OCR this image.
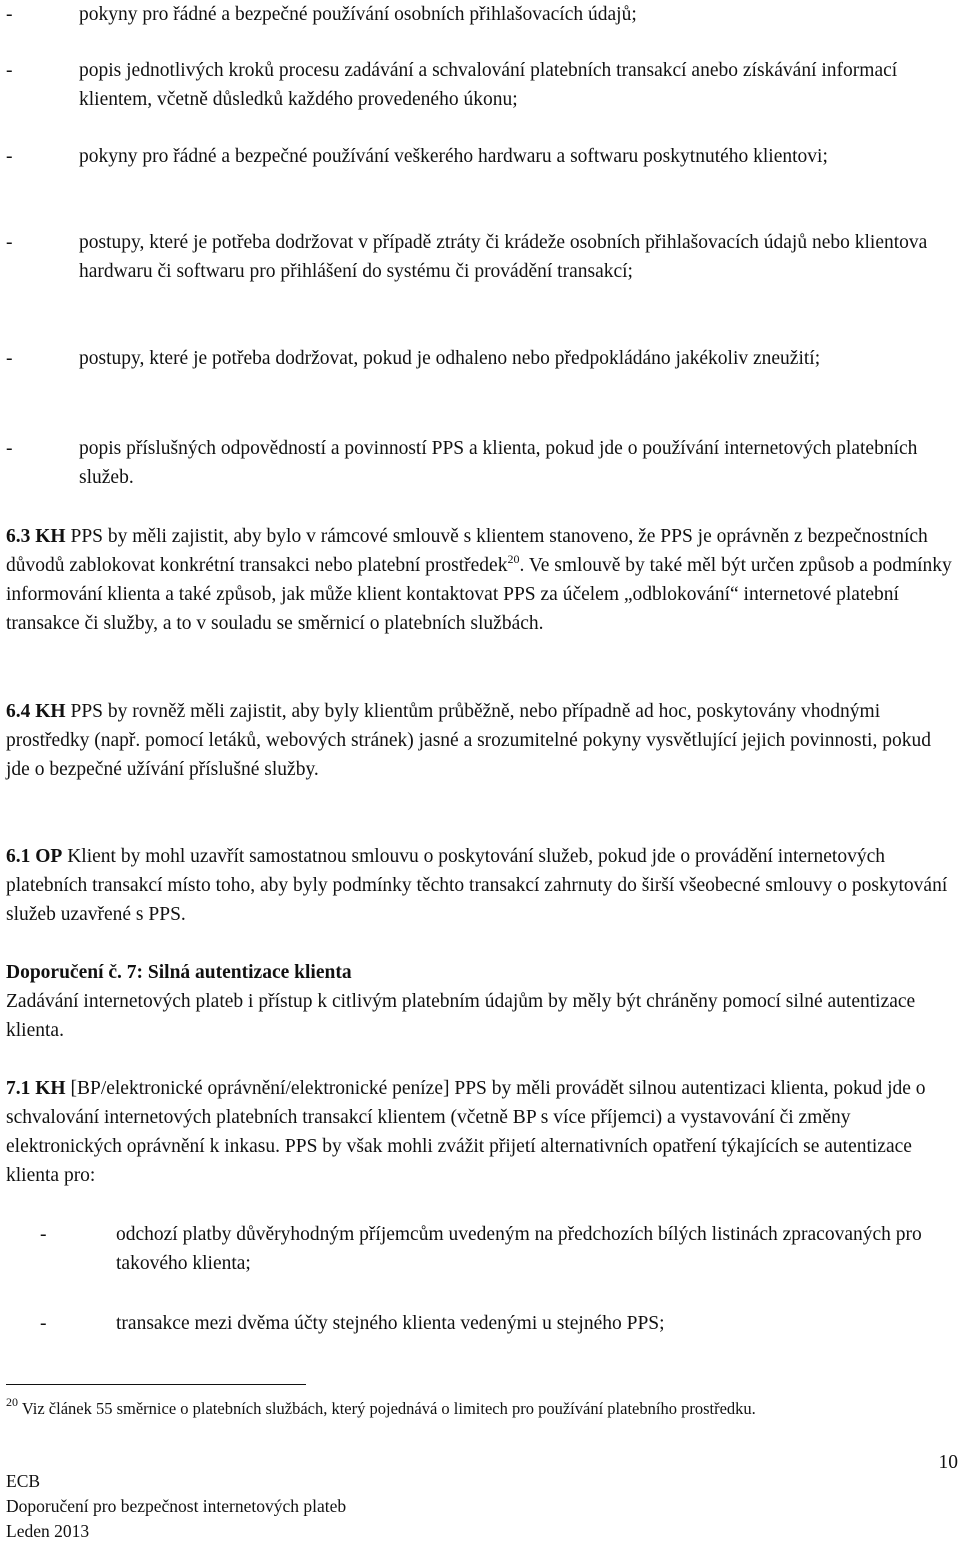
-	pokyny pro řádné a bezpečné používání osobních přihlašovacích údajů;
-	popis jednotlivých kroků procesu zadávání a schvalování platebních transakcí anebo získávání informací klientem, včetně důsledků každého provedeného úkonu;
-	pokyny pro řádné a bezpečné používání veškerého hardwaru a softwaru poskytnutého klientovi;
-	postupy, které je potřeba dodržovat v případě ztráty či krádeže osobních přihlašovacích údajů nebo klientova hardwaru či softwaru pro přihlášení do systému či provádění transakcí;
-	postupy, které je potřeba dodržovat, pokud je odhaleno nebo předpokládáno jakékoliv zneužití;
-	popis příslušných odpovědností a povinností PPS a klienta, pokud jde o používání internetových platebních služeb.
6.3 KH PPS by měli zajistit, aby bylo v rámcové smlouvě s klientem stanoveno, že PPS je oprávněn z bezpečnostních důvodů zablokovat konkrétní transakci nebo platební prostředek$^{20}$. Ve smlouvě by také měl být určen způsob a podmínky informování klienta a také způsob, jak může klient kontaktovat PPS za účelem „odblokování“ internetové platební transakce či služby, a to v souladu se směrnicí o platebních službách.
6.4 KH PPS by rovněž měli zajistit, aby byly klientům průběžně, nebo případně ad hoc, poskytovány vhodnými prostředky (např. pomocí letáků, webových stránek) jasné a srozumitelné pokyny vysvětlující jejich povinnosti, pokud jde o bezpečné užívání příslušné služby.
6.1 OP Klient by mohl uzavřít samostatnou smlouvu o poskytování služeb, pokud jde o provádění internetových platebních transakcí místo toho, aby byly podmínky těchto transakcí zahrnuty do širší všeobecné smlouvy o poskytování služeb uzavřené s PPS.
Doporučení č. 7: Silná autentizace klienta
Zadávání internetových plateb i přístup k citlivým platebním údajům by měly být chráněny pomocí silné autentizace klienta.
7.1 KH [BP/elektronické oprávnění/elektronické peníze] PPS by měli provádět silnou autentizaci klienta, pokud jde o schvalování internetových platebních transakcí klientem (včetně BP s více příjemci) a vystavování či změny elektronických oprávnění k inkasu. PPS by však mohli zvážit přijetí alternativních opatření týkajících se autentizace klienta pro:
-	odchozí platby důvěryhodným příjemcům uvedeným na předchozích bílých listinách zpracovaných pro takového klienta;
-	transakce mezi dvěma účty stejného klienta vedenými u stejného PPS;
$^{20}$ Viz článek 55 směrnice o platebních službách, který pojednává o limitech pro používání platebního prostředku.
10
ECB
Doporučení pro bezpečnost internetových plateb
Leden 2013
